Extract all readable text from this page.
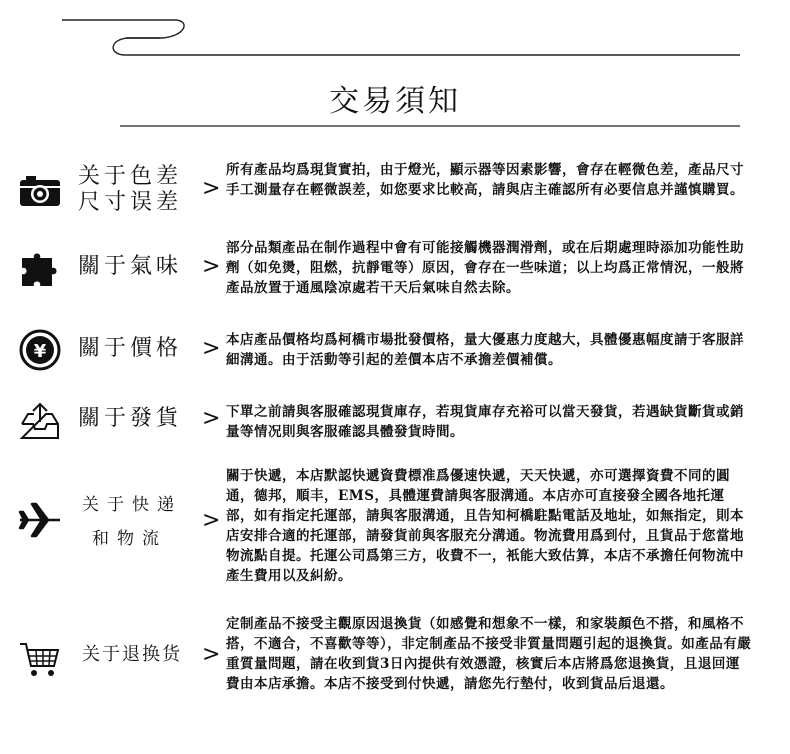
交易須知
关于色差
尺寸误差
>
所有產品均爲現貨實拍，由于燈光，顯示器等因素影響，會存在輕微色差，產品尺寸手工測量存在輕微誤差，如您要求比較高，請與店主確認所有必要信息并謹慎購買。
關于氣味 >
部分品類產品在制作過程中會有可能接觸機器潤滑劑，或在后期處理時添加功能性助劑（如免燙，阻燃，抗靜電等）原因，會存在一些味道；以上均爲正常情況，一般將產品放置于通風陰凉處若干天后氣味自然去除。
¥ 關于價格 > 本店產品價格均爲柯橋市場批發價格，量大優惠力度越大，具體優惠幅度請于客服詳細溝通。由于活動等引起的差價本店不承擔差價補償。
關于發貨 > 下單之前請與客服確認現貨庫存，若現貨庫存充裕可以當天發貨，若遇缺貨斷貨或銷量等情况則與客服確認具體發貨時間。
关于快递
和物流
>
關于快遞，本店默認快遞資費標准爲優速快遞，天天快遞，亦可選擇資費不同的圓通，德邦，順丰，EMS，具體運費請與客服溝通。本店亦可直接發全國各地托運部，如有指定托運部，請與客服溝通，且告知柯橋駐點電話及地址，如無指定，則本店安排合適的托運部，請發貨前與客服充分溝通。物流費用爲到付，且貨品于您當地物流點自提。托運公司爲第三方，收費不一，衹能大致估算，本店不承擔任何物流中產生費用以及糾紛。
关于退换货 >
定制產品不接受主觀原因退換貨（如感覺和想象不一樣，和家裝顏色不搭，和風格不搭，不適合，不喜歡等等），非定制產品不接受非質量問題引起的退換貨。如產品有嚴重質量問題，請在收到貨3日內提供有效憑證，核實后本店將爲您退換貨，且退回運費由本店承擔。本店不接受到付快遞，請您先行墊付，收到貨品后退還。
